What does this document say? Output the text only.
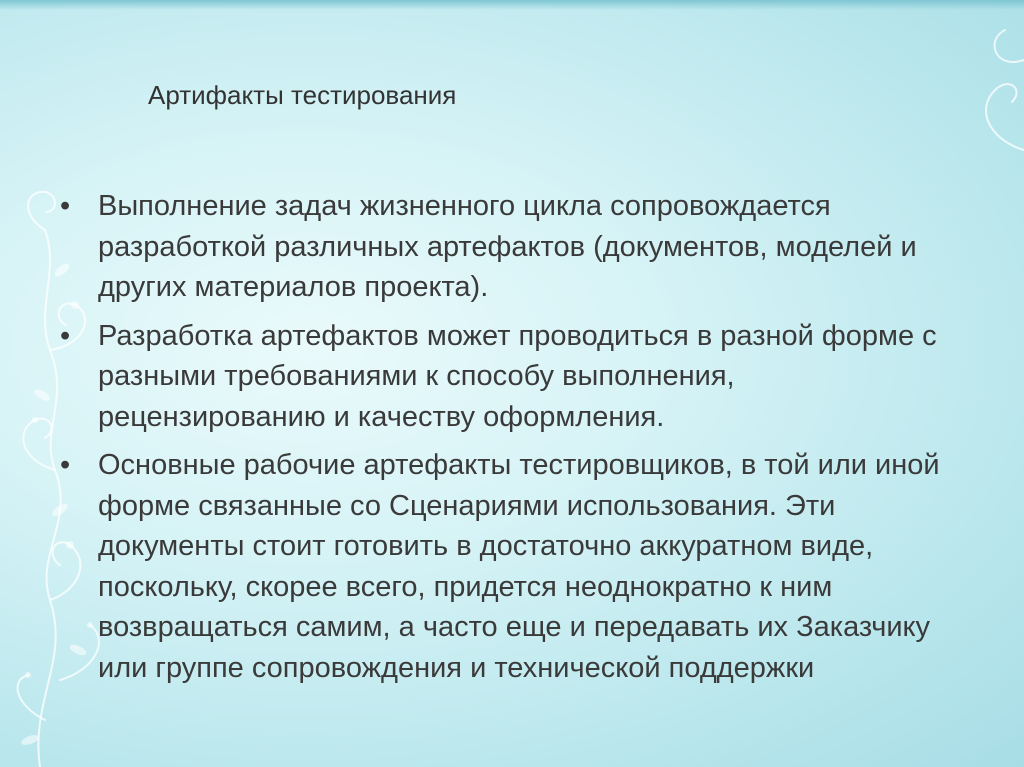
Артифакты тестирования
• Выполнение задач жизненного цикла сопровождается разработкой различных артефактов (документов, моделей и других материалов проекта).
• Разработка артефактов может проводиться в разной форме с разными требованиями к способу выполнения, рецензированию и качеству оформления.
• Основные рабочие артефакты тестировщиков, в той или иной форме связанные со Сценариями использования. Эти документы стоит готовить в достаточно аккуратном виде, поскольку, скорее всего, придется неоднократно к ним возвращаться самим, а часто еще и передавать их Заказчику или группе сопровождения и технической поддержки
